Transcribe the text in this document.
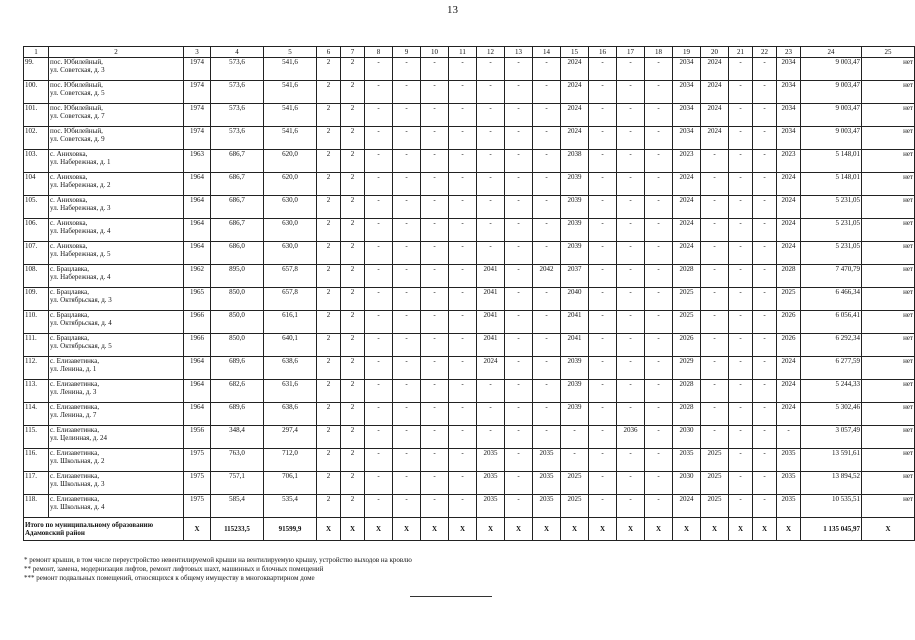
13
1	2	3	4	5	6	7	8	9	10	11	12	13	14	15	16	17	18	19	20	21	22	23	24	25
99.	пос. Юбилейный,
ул. Советская, д. 3	1974	573,6	541,6	2	2	-	-	-	-	-	-	-	2024	-	-	-	2034	2024	-	-	2034	9 003,47	нет
100.	пос. Юбилейный,
ул. Советская, д. 5	1974	573,6	541,6	2	2	-	-	-	-	-	-	-	2024	-	-	-	2034	2024	-	-	2034	9 003,47	нет
101.	пос. Юбилейный,
ул. Советская, д. 7	1974	573,6	541,6	2	2	-	-	-	-	-	-	-	2024	-	-	-	2034	2024	-	-	2034	9 003,47	нет
102.	пос. Юбилейный,
ул. Советская, д. 9	1974	573,6	541,6	2	2	-	-	-	-	-	-	-	2024	-	-	-	2034	2024	-	-	2034	9 003,47	нет
103.	с. Аниховка,
ул. Набережная, д. 1	1963	686,7	620,0	2	2	-	-	-	-	-	-	-	2038	-	-	-	2023	-	-	-	2023	5 148,01	нет
104	с. Аниховка,
ул. Набережная, д. 2	1964	686,7	620,0	2	2	-	-	-	-	-	-	-	2039	-	-	-	2024	-	-	-	2024	5 148,01	нет
105.	с. Аниховка,
ул. Набережная, д. 3	1964	686,7	630,0	2	2	-	-	-	-	-	-	-	2039	-	-	-	2024	-	-	-	2024	5 231,05	нет
106.	с. Аниховка,
ул. Набережная, д. 4	1964	686,7	630,0	2	2	-	-	-	-	-	-	-	2039	-	-	-	2024	-	-	-	2024	5 231,05	нет
107.	с. Аниховка,
ул. Набережная, д. 5	1964	686,0	630,0	2	2	-	-	-	-	-	-	-	2039	-	-	-	2024	-	-	-	2024	5 231,05	нет
108.	с. Брацлавка,
ул. Набережная, д. 4	1962	895,0	657,8	2	2	-	-	-	-	2041	-	2042	2037	-	-	-	2028	-	-	-	2028	7 470,79	нет
109.	с. Брацлавка,
ул. Октябрьская, д. 3	1965	850,0	657,8	2	2	-	-	-	-	2041	-	-	2040	-	-	-	2025	-	-	-	2025	6 466,34	нет
110.	с. Брацлавка,
ул. Октябрьская, д. 4	1966	850,0	616,1	2	2	-	-	-	-	2041	-	-	2041	-	-	-	2025	-	-	-	2026	6 056,41	нет
111.	с. Брацлавка,
ул. Октябрьская, д. 5	1966	850,0	640,1	2	2	-	-	-	-	2041	-	-	2041	-	-	-	2026	-	-	-	2026	6 292,34	нет
112.	с. Елизаветинка,
ул. Ленина, д. 1	1964	689,6	638,6	2	2	-	-	-	-	2024	-	-	2039	-	-	-	2029	-	-	-	2024	6 277,59	нет
113.	с. Елизаветинка,
ул. Ленина, д. 3	1964	682,6	631,6	2	2	-	-	-	-	-	-	-	2039	-	-	-	2028	-	-	-	2024	5 244,33	нет
114.	с. Елизаветинка,
ул. Ленина, д. 7	1964	689,6	638,6	2	2	-	-	-	-	-	-	-	2039	-	-	-	2028	-	-	-	2024	5 302,46	нет
115.	с. Елизаветинка,
ул. Целинная, д. 24	1956	348,4	297,4	2	2	-	-	-	-	-	-	-	-	-	2036	-	2030	-	-	-	-	3 057,49	нет
116.	с. Елизаветинка,
ул. Школьная, д. 2	1975	763,0	712,0	2	2	-	-	-	-	2035	-	2035	-	-	-	-	2035	2025	-	-	2035	13 591,61	нет
117.	с. Елизаветинка,
ул. Школьная, д. 3	1975	757,1	706,1	2	2	-	-	-	-	2035	-	2035	2025	-	-	-	2030	2025	-	-	2035	13 894,52	нет
118.	с. Елизаветинка,
ул. Школьная, д. 4	1975	585,4	535,4	2	2	-	-	-	-	2035	-	2035	2025	-	-	-	2024	2025	-	-	2035	10 535,51	нет
Итого по муниципальному образованию Адамовский район		X	115233,5	91599,9	X	X	X	X	X	X	X	X	X	X	X	X	X	X	X	X	X	X	1 135 045,97	X
* ремонт крыши, в том числе переустройство невентилируемой крыши на вентилируемую крышу, устройство выходов на кровлю
** ремонт, замена, модернизация лифтов, ремонт лифтовых шахт, машинных и блочных помещений
*** ремонт подвальных помещений, относящихся к общему имуществу в многоквартирном доме
